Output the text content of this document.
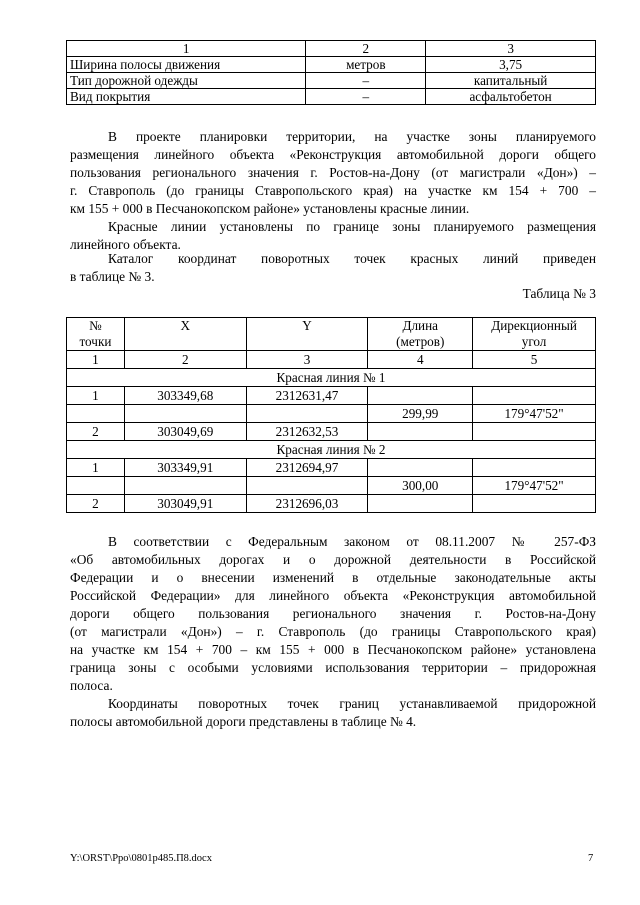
1	2	3
Ширина полосы движения	метров	3,75
Тип дорожной одежды	–	капитальный
Вид покрытия	–	асфальтобетон

В проекте планировки территории, на участке зоны планируемого
размещения линейного объекта «Реконструкция автомобильной дороги общего
пользования регионального значения г. Ростов-на-Дону (от магистрали «Дон») –
г. Ставрополь (до границы Ставропольского края) на участке км 154 + 700 –
км 155 + 000 в Песчанокопском районе» установлены красные линии.

Красные линии установлены по границе зоны планируемого размещения
линейного объекта.

Каталог координат поворотных точек красных линий приведен
в таблице № 3.

Таблица № 3

№
точки	X	Y	Длина
(метров)	Дирекционный
угол
1	2	3	4	5
Красная линия № 1				
1	303349,68	2312631,47		
			299,99	179°47'52"
2	303049,69	2312632,53		
Красная линия № 2				
1	303349,91	2312694,97		
			300,00	179°47'52"
2	303049,91	2312696,03		

В соответствии с Федеральным законом от 08.11.2007 № 257-ФЗ
«Об автомобильных дорогах и о дорожной деятельности в Российской
Федерации и о внесении изменений в отдельные законодательные акты
Российской Федерации» для линейного объекта «Реконструкция автомобильной
дороги общего пользования регионального значения г. Ростов-на-Дону
(от магистрали «Дон») – г. Ставрополь (до границы Ставропольского края)
на участке км 154 + 700 – км 155 + 000 в Песчанокопском районе» установлена
граница зоны с особыми условиями использования территории – придорожная
полоса.

Координаты поворотных точек границ устанавливаемой придорожной
полосы автомобильной дороги представлены в таблице № 4.

Y:\ORST\Ppo\0801p485.П8.docx	7
